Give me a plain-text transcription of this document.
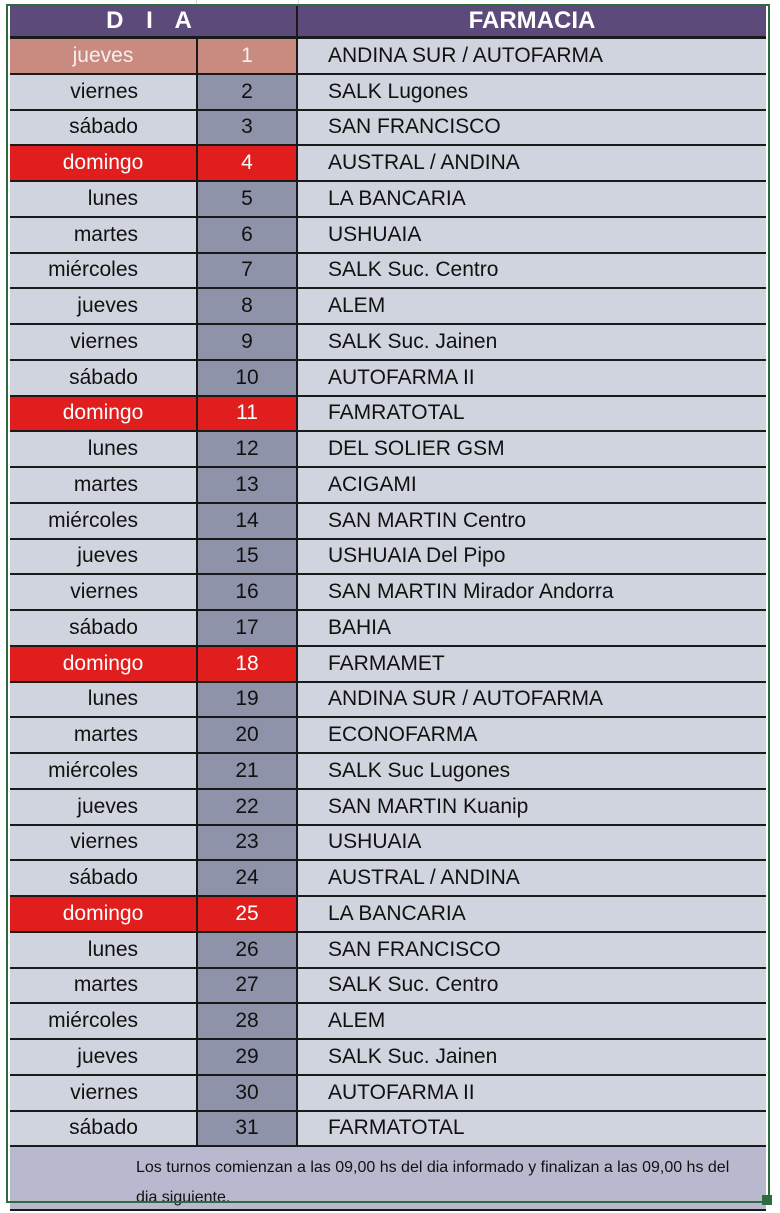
D I A	FARMACIA
jueves	1	ANDINA SUR / AUTOFARMA
viernes	2	SALK Lugones
sábado	3	SAN FRANCISCO
domingo	4	AUSTRAL / ANDINA
lunes	5	LA BANCARIA
martes	6	USHUAIA
miércoles	7	SALK Suc. Centro
jueves	8	ALEM
viernes	9	SALK Suc. Jainen
sábado	10	AUTOFARMA II
domingo	11	FAMRATOTAL
lunes	12	DEL SOLIER GSM
martes	13	ACIGAMI
miércoles	14	SAN MARTIN Centro
jueves	15	USHUAIA Del Pipo
viernes	16	SAN MARTIN Mirador Andorra
sábado	17	BAHIA
domingo	18	FARMAMET
lunes	19	ANDINA SUR / AUTOFARMA
martes	20	ECONOFARMA
miércoles	21	SALK Suc Lugones
jueves	22	SAN MARTIN Kuanip
viernes	23	USHUAIA
sábado	24	AUSTRAL / ANDINA
domingo	25	LA BANCARIA
lunes	26	SAN FRANCISCO
martes	27	SALK Suc. Centro
miércoles	28	ALEM
jueves	29	SALK Suc. Jainen
viernes	30	AUTOFARMA II
sábado	31	FARMATOTAL
Los turnos comienzan a las 09,00 hs del dia informado y finalizan a las 09,00 hs del dia siguiente.
